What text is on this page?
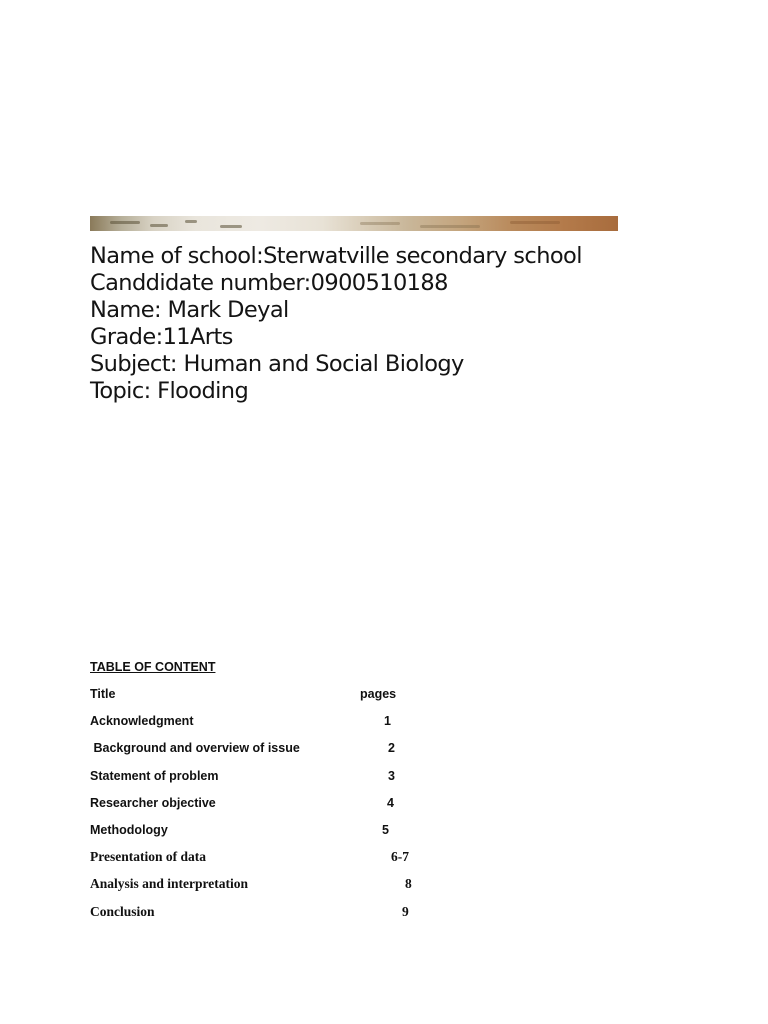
Name of school:Sterwatville secondary school
Canddidate number:0900510188
Name: Mark Deyal
Grade:11Arts
Subject: Human and Social Biology
Topic: Flooding
TABLE OF CONTENT
Title	pages
Acknowledgment	1
Background and overview of issue	2
Statement of problem	3
Researcher objective	4
Methodology	5
Presentation of data	6-7
Analysis and interpretation	8
Conclusion	9
